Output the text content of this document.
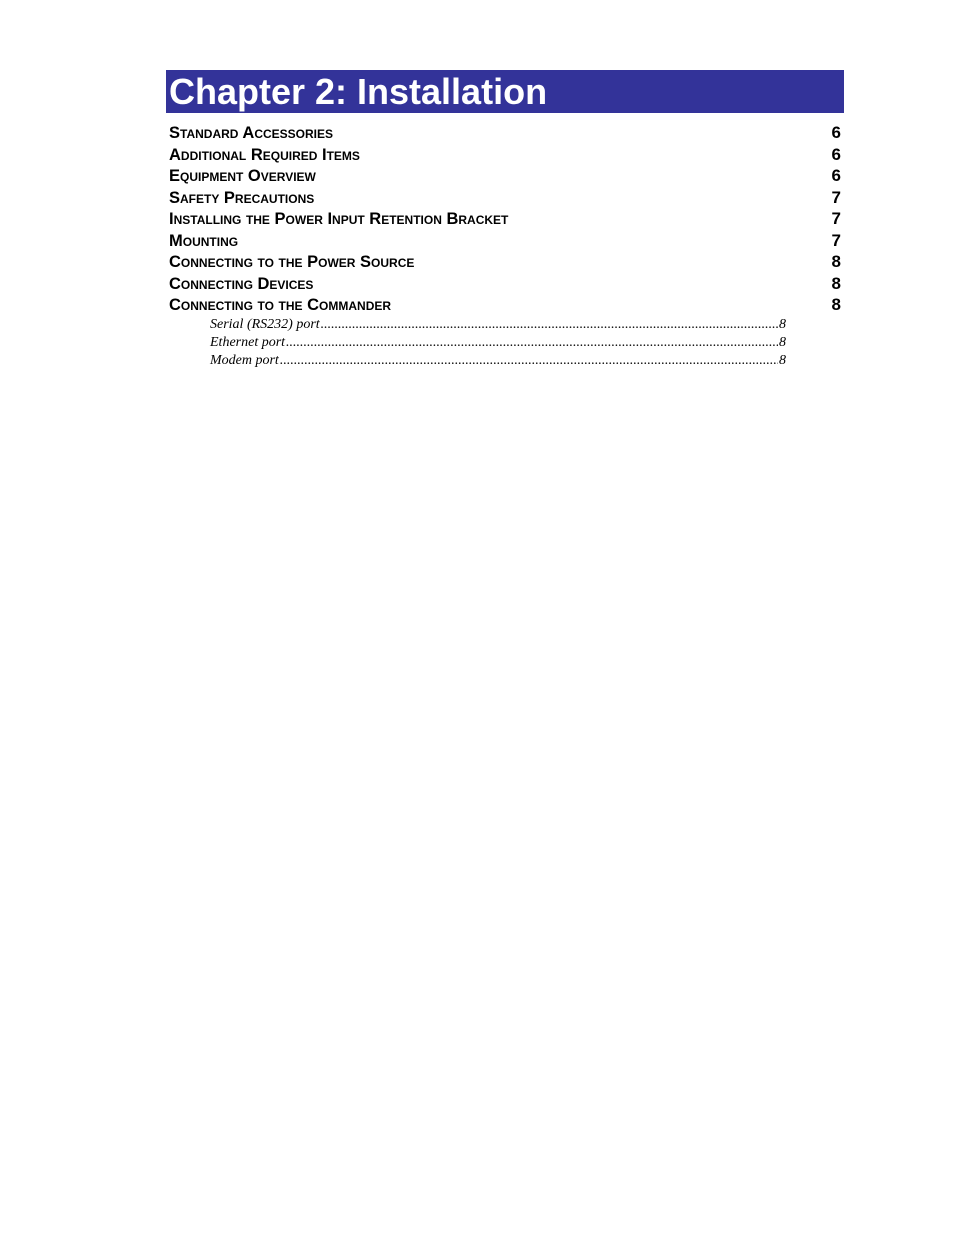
Chapter 2: Installation
Standard Accessories	6
Additional Required Items	6
Equipment Overview	6
Safety Precautions	7
Installing the Power Input Retention Bracket	7
Mounting	7
Connecting to the Power Source	8
Connecting Devices	8
Connecting to the Commander	8
Serial (RS232) port .....	8
Ethernet port .....	8
Modem port .....	8
